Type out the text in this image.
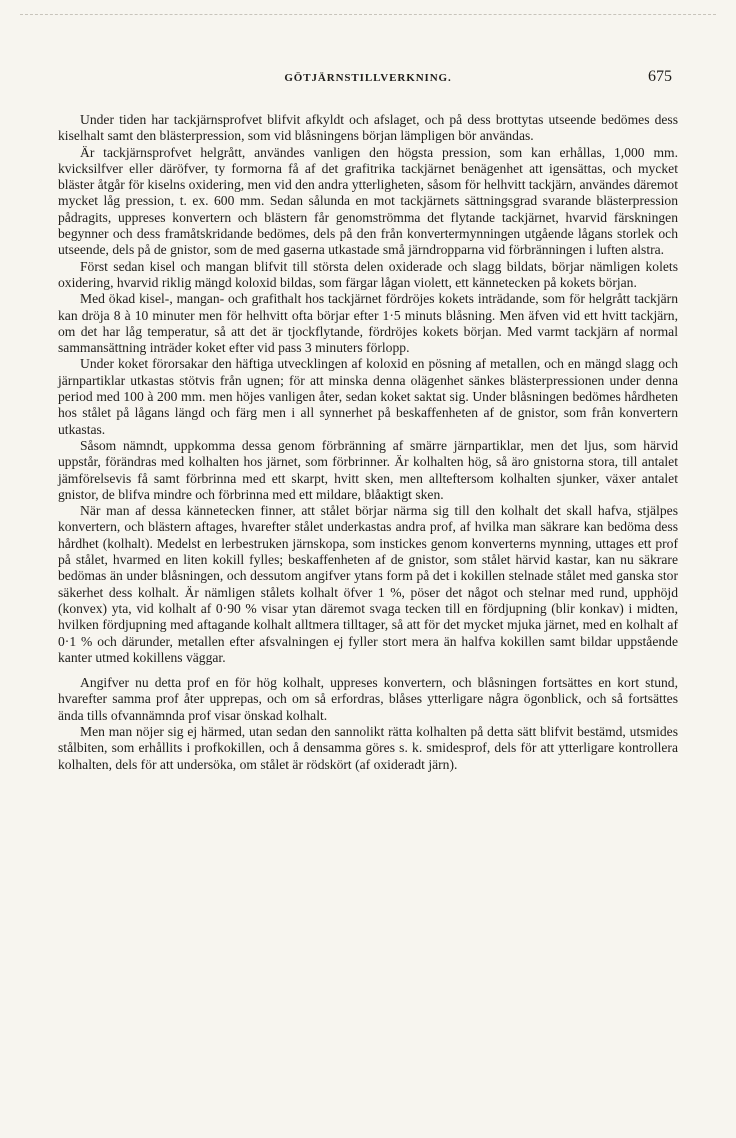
GÖTJÄRNSTILLVERKNING.	675

Under tiden har tackjärnsprofvet blifvit afkyldt och afslaget, och på dess brottytas utseende bedömes dess kiselhalt samt den blästerpression, som vid blåsningens början lämpligen bör användas.

Är tackjärnsprofvet helgrått, användes vanligen den högsta pression, som kan erhållas, 1,000 mm. kvicksilfver eller däröfver, ty formorna få af det grafitrika tackjärnet benägenhet att igensättas, och mycket bläster åtgår för kiselns oxidering, men vid den andra ytterligheten, såsom för helhvitt tackjärn, användes däremot mycket låg pression, t. ex. 600 mm. Sedan sålunda en mot tackjärnets sättningsgrad svarande blästerpression pådragits, uppreses konvertern och blästern får genomströmma det flytande tackjärnet, hvarvid färskningen begynner och dess framåtskridande bedömes, dels på den från konvertermynningen utgående lågans storlek och utseende, dels på de gnistor, som de med gaserna utkastade små järndropparna vid förbränningen i luften alstra.

Först sedan kisel och mangan blifvit till största delen oxiderade och slagg bildats, börjar nämligen kolets oxidering, hvarvid riklig mängd koloxid bildas, som färgar lågan violett, ett kännetecken på kokets början.

Med ökad kisel-, mangan- och grafithalt hos tackjärnet fördröjes kokets inträdande, som för helgrått tackjärn kan dröja 8 à 10 minuter men för helhvitt ofta börjar efter 1·5 minuts blåsning. Men äfven vid ett hvitt tackjärn, om det har låg temperatur, så att det är tjockflytande, fördröjes kokets början. Med varmt tackjärn af normal sammansättning inträder koket efter vid pass 3 minuters förlopp.

Under koket förorsakar den häftiga utvecklingen af koloxid en pösning af metallen, och en mängd slagg och järnpartiklar utkastas stötvis från ugnen; för att minska denna olägenhet sänkes blästerpressionen under denna period med 100 à 200 mm. men höjes vanligen åter, sedan koket saktat sig. Under blåsningen bedömes hårdheten hos stålet på lågans längd och färg men i all synnerhet på beskaffenheten af de gnistor, som från konvertern utkastas.

Såsom nämndt, uppkomma dessa genom förbränning af smärre järnpartiklar, men det ljus, som härvid uppstår, förändras med kolhalten hos järnet, som förbrinner. Är kolhalten hög, så äro gnistorna stora, till antalet jämförelsevis få samt förbrinna med ett skarpt, hvitt sken, men allteftersom kolhalten sjunker, växer antalet gnistor, de blifva mindre och förbrinna med ett mildare, blåaktigt sken.

När man af dessa kännetecken finner, att stålet börjar närma sig till den kolhalt det skall hafva, stjälpes konvertern, och blästern aftages, hvarefter stålet underkastas andra prof, af hvilka man säkrare kan bedöma dess hårdhet (kolhalt). Medelst en lerbestruken järnskopa, som instickes genom konverterns mynning, uttages ett prof på stålet, hvarmed en liten kokill fylles; beskaffenheten af de gnistor, som stålet härvid kastar, kan nu säkrare bedömas än under blåsningen, och dessutom angifver ytans form på det i kokillen stelnade stålet med ganska stor säkerhet dess kolhalt. Är nämligen stålets kolhalt öfver 1 %, pöser det något och stelnar med rund, upphöjd (konvex) yta, vid kolhalt af 0·90 % visar ytan däremot svaga tecken till en fördjupning (blir konkav) i midten, hvilken fördjupning med aftagande kolhalt alltmera tilltager, så att för det mycket mjuka järnet, med en kolhalt af 0·1 % och därunder, metallen efter afsvalningen ej fyller stort mera än halfva kokillen samt bildar uppstående kanter utmed kokillens väggar.

Angifver nu detta prof en för hög kolhalt, uppreses konvertern, och blåsningen fortsättes en kort stund, hvarefter samma prof åter upprepas, och om så erfordras, blåses ytterligare några ögonblick, och så fortsättes ända tills ofvannämnda prof visar önskad kolhalt.

Men man nöjer sig ej härmed, utan sedan den sannolikt rätta kolhalten på detta sätt blifvit bestämd, utsmides stålbiten, som erhållits i profkokillen, och å densamma göres s. k. smidesprof, dels för att ytterligare kontrollera kolhalten, dels för att undersöka, om stålet är rödskört (af oxideradt järn).
